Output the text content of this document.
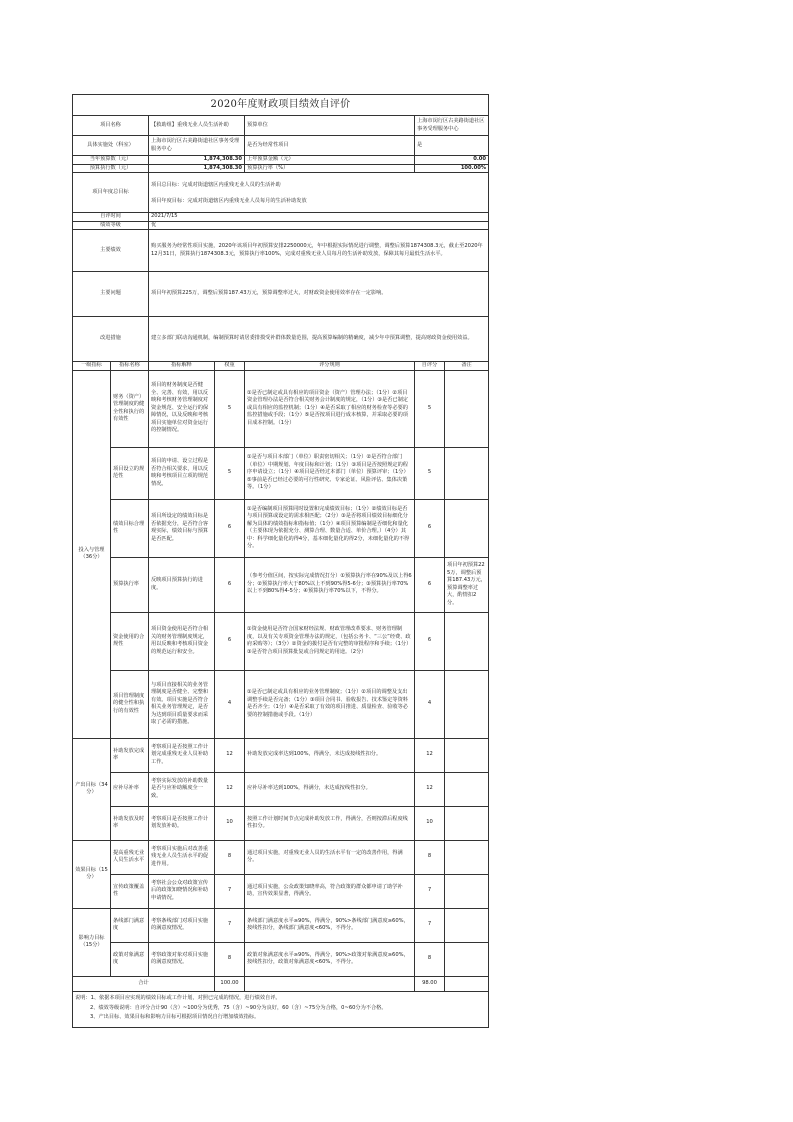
2020年度财政项目绩效自评价						
项目名称		【救助组】重残无业人员生活补助		预算单位	上海市闵行区古美路街道社区事务受理服务中心	
具体实施处（科室）		上海市闵行区古美路街道社区事务受理服务中心		是否为经常性项目	是	
当年预算数（元）		1,874,308.30		上年预算金额（元）	0.00	
预算执行数（元）		1,874,308.30		预算执行率（%）	100.00%	
项目年度总目标		项目总目标：完成对街道辖区内重残无业人员的生活补助
项目年度目标：完成对街道辖区内重残无业人员每月的生活补助发放				

自评时间		2021/7/15				
绩效等级		优				
主要绩效		购买服务为经常性项目实施，2020年该项目年初预算安排2250000元，年中根据实际情况进行调整，调整后预算1874308.3元，截止至2020年12月31日，预算执行1874308.3元，预算执行率100%，完成对重残无业人员每月的生活补助发放，保障其每月最低生活水平。				
主要问题		项目年初预算225万，调整后预算187.43万元，预算调整率过大，对财政资金使用效率存在一定影响。				
改进措施		建立多部门联动沟通机制，编制预算时请居委排摸受补群体数量范围，提高预算编制的精确度，减少年中预算调整，提高财政资金使用效益。				
一级指标	指标名称	指标解释	权重	评分规则	自评分	备注
投入与管理（36分）	财务（资产）管理制度的健全性和执行的有效性	项目的财务制度是否健全、完善、有效，用以反映和考核财务管理制度对资金规范、安全运行的保障情况，以及反映和考核项目实施单位对资金运行的控制情况。	5	①是否已制定或具有相应的项目资金（资产）管理办法；（1分）②项目资金管理办法是否符合相关财务会计制度的规定，（1分）③是否已制定或具有相应的监控机制；（1分）④是否采取了相应的财务检查等必要的监控措施或手段；（1分）⑤是否按项目进行成本核算，并采取必要的项目成本控制。（1分）	5	
	项目设立的规范性	项目的申请、设立过程是否符合相关要求，用以反映和考核项目立项的规范情况。	5	①是否与项目本部门（单位）职责密切相关；（1分）②是否符合部门（单位）中期规划、年度目标和计划；（1分）③项目是否按照规定的程序申请设立；（1分）④项目是否经过本部门（单位）预算评审；（1分）⑤事前是否已经过必要的可行性研究、专家论证、风险评估、集体决策等。（1分）	5	
	绩效目标合理性	项目所设定的绩效目标是否依据充分，是否符合客观实际，绩效目标与预算是否匹配。	6	①是否编制项目预算同时设置和完成绩效目标；（1分）②绩效目标是否与项目预算或设定的需求相匹配；（2分）③是否将项目绩效目标细化分解为具体的绩效指标和指标值；（1分）④项目预算编制是否细化和量化（主要体现为依据充分、测算合理、数量合适、单价合理。）（4分）其中：科学细化量化的得4分，基本细化量化的得2分，未细化量化的不得分。	6	
	预算执行率	反映项目预算执行的进度。	6	（参考分值区间，按实际完成情况打分）①预算执行率在90%及以上得6分；②预算执行率大于80%以上不到90%得5-6分；③预算执行率70%以上不到80%得4-5分；④预算执行率70%以下，不得分。	6	项目年初预算225万，调整后预算187.43万元，预算调整率过大，酌情扣2分。
	资金使用的合规性	项目资金使用是否符合相关的财务管理制度规定，用以反映和考核项目资金的规范运行和安全。	6	①资金使用是否符合国家财经法规、财政管理改革要求、财务管理制度，以及有关专项资金管理办法的规定，（包括公务卡、“三公”经费、政府采购等）；（3分）②资金的拨付是否有完整的审批程序和手续；（1分）③是否符合项目预算批复或合同规定的用途。（2分）	6	
	项目管理制度的健全性和执行的有效性	与项目直接相关的业务管理制度是否健全、完整和有效。项目实施是否符合相关业务管理规定，是否为达到项目质量要求而采取了必需的措施。	4	①是否已制定或具有相应的业务管理制度；（1分）②项目的调整及支出调整手续是否完备；（1分）③项目合同书、验收报告、技术鉴定等资料是否齐全；（1分）④是否采取了有效的项目推进、质量检查、验收等必要的控制措施或手段。（1分）	4	
产出目标（34分）	补助发放完成率	考察项目是否按照工作计划完成重残无业人员补助工作。	12	补助发放完成率达到100%，得满分，未达成按线性扣分。	12	
	应补尽补率	考察实际发放的补助数量是否与应补助额度全一致。	12	应补尽补率达到100%，得满分，未达成按线性扣分。	12	
	补助发放及时率	考察项目是否按照工作计划发放补助。	10	按照工作计划时间节点完成补助发放工作，得满分，否则按滞后程度线性扣分。	10	
效果目标（15分）	提高重残无业人员生活水平	考察项目实施后对改善重残无业人员生活水平的促进作用。	8	通过项目实施，对重残无业人员的生活水平有一定的改善作用，得满分。	8	
	宣传政策覆盖性	考察社会公众对政策宣传后的政策知晓情况和补助申请情况。	7	通过项目实施，公众政策知晓率高，符合政策的群众都申请了助学补助，宣传效果显著，得满分。	7	
影响力目标（15分）	条线部门满意度	考察条线部门对项目实施的满意度情况。	7	条线部门满意度水平≥90%，得满分，90%>条线部门满意度≥60%，按线性扣分，条线部门满意度<60%，不得分。	7	
	政策对象满意度	考察政策对象对项目实施的满意度情况。	8	政策对象满意度水平≥90%，得满分，90%>政策对象满意度≥60%，按线性扣分，政策对象满意度<60%，不得分。	8	
合计			100.00		98.00	

说明：1、依据本项目应实现的绩效目标或工作计划，对照已完成的情况，进行绩效自评。
2、绩效等级说明：自评分合计90（含）~100分为优秀，75（含）~90分为良好，60（含）~75分为合格，0~60分为不合格。
3、产出目标、效果目标和影响力目标可根据项目情况自行增加绩效指标。						
